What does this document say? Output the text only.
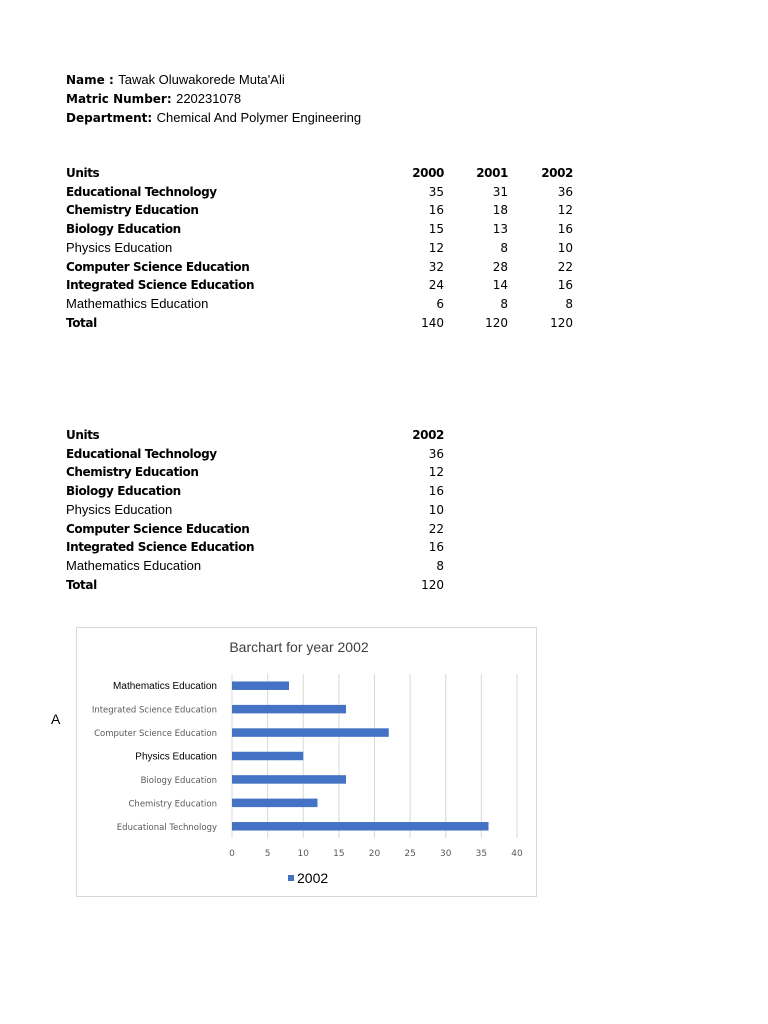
Name : Tawak Oluwakorede Muta'Ali
Matric Number: 220231078
Department: Chemical And Polymer Engineering
Units	2000	2001	2002
Educational Technology	35	31	36
Chemistry Education	16	18	12
Biology Education	15	13	16
Physics Education	12	8	10
Computer Science Education	32	28	22
Integrated Science Education	24	14	16
Mathemathics Education	6	8	8
Total	140	120	120
Units	2002
Educational Technology	36
Chemistry Education	12
Biology Education	16
Physics Education	10
Computer Science Education	22
Integrated Science Education	16
Mathematics Education	8
Total	120
A
Barchart for year 2002
Educational Technology
Chemistry Education
Biology Education
Physics Education
Computer Science Education
Integrated Science Education
Mathematics Education
0	5	10	15	20	25	30	35	40
2002
